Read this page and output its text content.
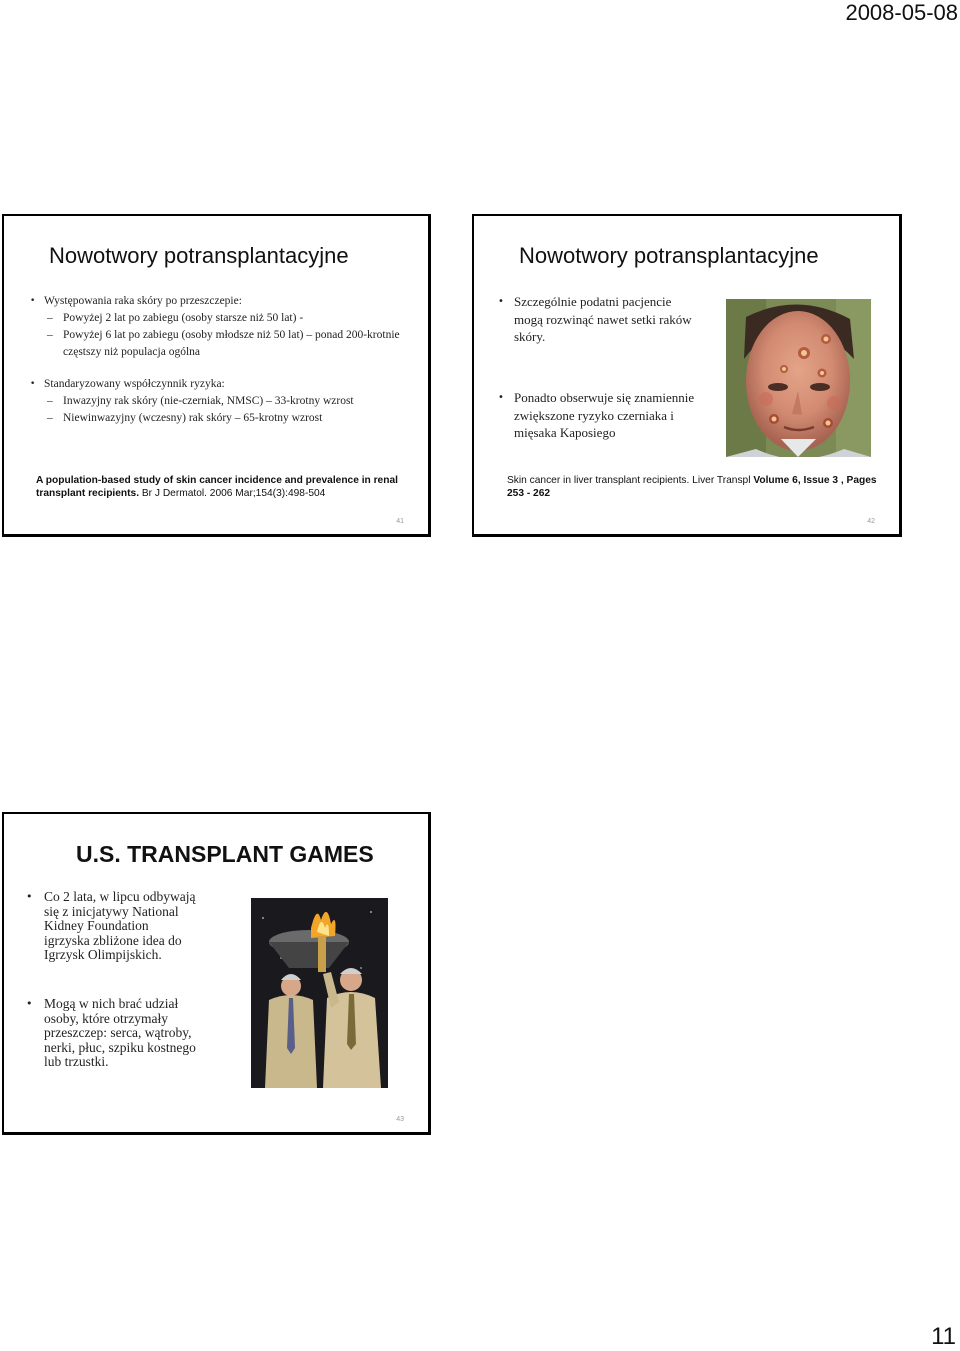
2008-05-08
Nowotwory potransplantacyjne
• Występowania raka skóry po przeszczepie:
– Powyżej 2 lat po zabiegu (osoby starsze niż 50 lat) -
– Powyżej 6 lat po zabiegu (osoby młodsze niż 50 lat) – ponad 200-krotnie częstszy niż populacja ogólna
• Standaryzowany współczynnik ryzyka:
– Inwazyjny rak skóry (nie-czerniak, NMSC) – 33-krotny wzrost
– Niewinwazyjny (wczesny) rak skóry – 65-krotny wzrost
A population-based study of skin cancer incidence and prevalence in renal transplant recipients. Br J Dermatol. 2006 Mar;154(3):498-504
41
Nowotwory potransplantacyjne
• Szczególnie podatni pacjencie mogą rozwinąć nawet setki raków skóry.
• Ponadto obserwuje się znamiennie zwiększone ryzyko czerniaka i mięsaka Kaposiego
Skin cancer in liver transplant recipients. Liver Transpl Volume 6, Issue 3 , Pages 253 - 262
42
U.S. TRANSPLANT GAMES
• Co 2 lata, w lipcu odbywają się z inicjatywy National Kidney Foundation igrzyska zbliżone idea do Igrzysk Olimpijskich.
• Mogą w nich brać udział osoby, które otrzymały przeszczep: serca, wątroby, nerki, płuc, szpiku kostnego lub trzustki.
43
11
